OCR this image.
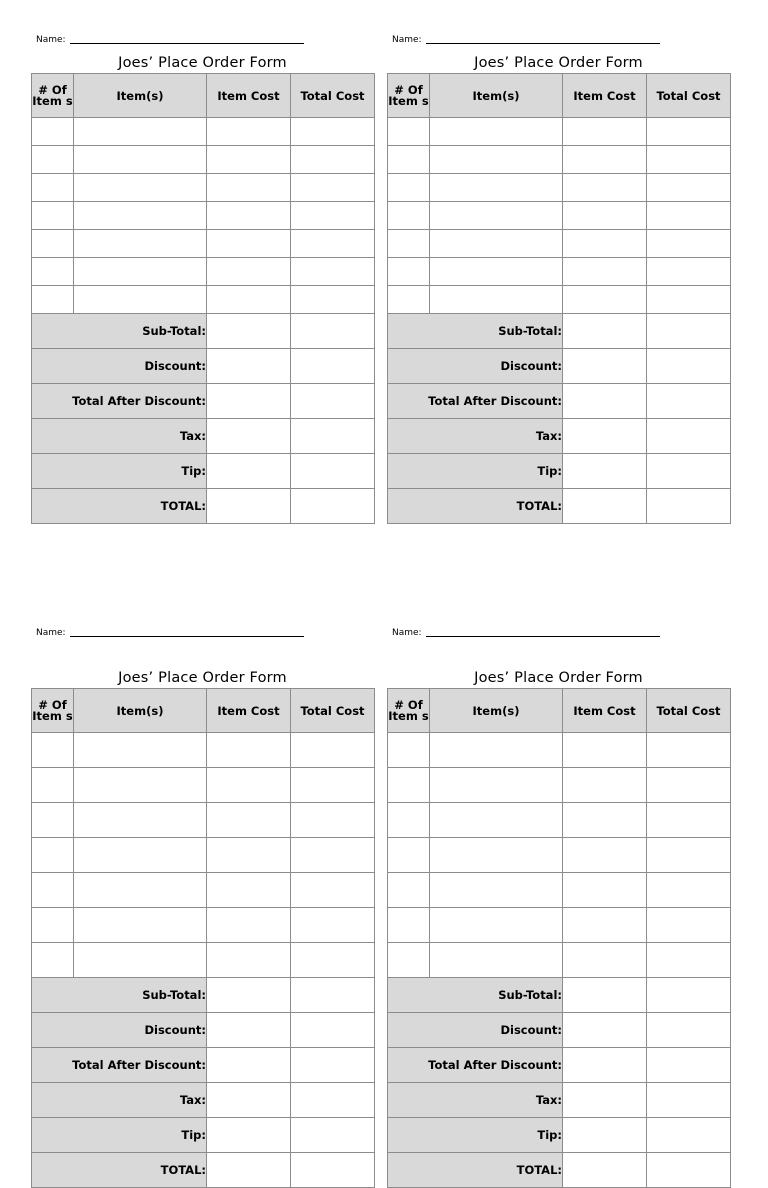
Name:
Joes’ Place Order Form
# Of Item s	Item(s)	Item Cost	Total Cost

Sub-Total:			
Discount:			
Total After Discount:			
Tax:			
Tip:			
TOTAL:			
Name:
Joes’ Place Order Form
# Of Item s	Item(s)	Item Cost	Total Cost

Sub-Total:			
Discount:			
Total After Discount:			
Tax:			
Tip:			
TOTAL:			
Name:
Joes’ Place Order Form
# Of Item s	Item(s)	Item Cost	Total Cost

Sub-Total:			
Discount:			
Total After Discount:			
Tax:			
Tip:			
TOTAL:			
Name:
Joes’ Place Order Form
# Of Item s	Item(s)	Item Cost	Total Cost

Sub-Total:			
Discount:			
Total After Discount:			
Tax:			
Tip:			
TOTAL:			
